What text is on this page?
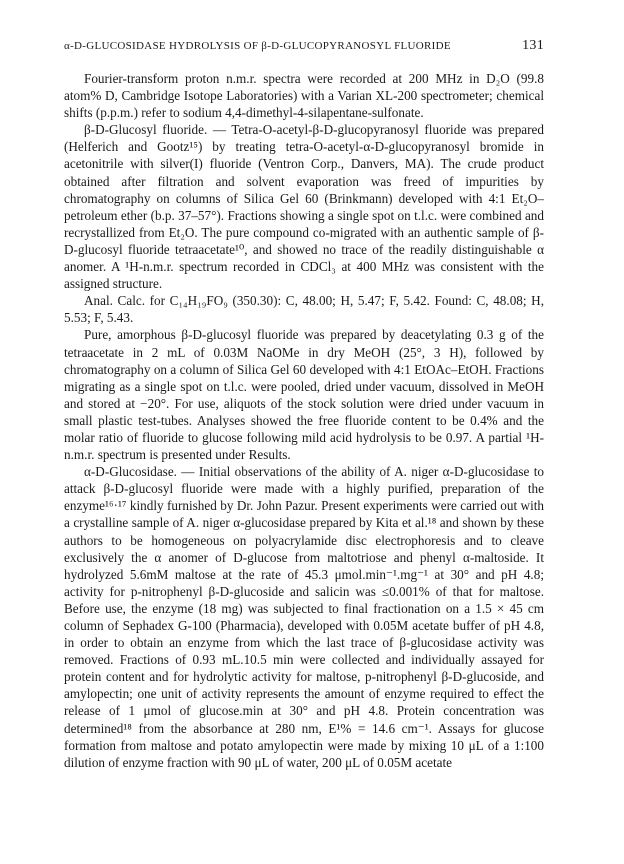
α-D-GLUCOSIDASE HYDROLYSIS OF β-D-GLUCOPYRANOSYL FLUORIDE	131

Fourier-transform proton n.m.r. spectra were recorded at 200 MHz in D₂O (99.8 atom% D, Cambridge Isotope Laboratories) with a Varian XL-200 spectrometer; chemical shifts (p.p.m.) refer to sodium 4,4-dimethyl-4-silapentane-sulfonate.

β-D-Glucosyl fluoride. — Tetra-O-acetyl-β-D-glucopyranosyl fluoride was prepared (Helferich and Gootz¹⁵) by treating tetra-O-acetyl-α-D-glucopyranosyl bromide in acetonitrile with silver(I) fluoride (Ventron Corp., Danvers, MA). The crude product obtained after filtration and solvent evaporation was freed of impurities by chromatography on columns of Silica Gel 60 (Brinkmann) developed with 4:1 Et₂O–petroleum ether (b.p. 37–57°). Fractions showing a single spot on t.l.c. were combined and recrystallized from Et₂O. The pure compound co-migrated with an authentic sample of β-D-glucosyl fluoride tetraacetate¹⁰, and showed no trace of the readily distinguishable α anomer. A ¹H-n.m.r. spectrum recorded in CDCl₃ at 400 MHz was consistent with the assigned structure.

Anal. Calc. for C₁₄H₁₉FO₉ (350.30): C, 48.00; H, 5.47; F, 5.42. Found: C, 48.08; H, 5.53; F, 5.43.

Pure, amorphous β-D-glucosyl fluoride was prepared by deacetylating 0.3 g of the tetraacetate in 2 mL of 0.03M NaOMe in dry MeOH (25°, 3 H), followed by chromatography on a column of Silica Gel 60 developed with 4:1 EtOAc–EtOH. Fractions migrating as a single spot on t.l.c. were pooled, dried under vacuum, dissolved in MeOH and stored at −20°. For use, aliquots of the stock solution were dried under vacuum in small plastic test-tubes. Analyses showed the free fluoride content to be 0.4% and the molar ratio of fluoride to glucose following mild acid hydrolysis to be 0.97. A partial ¹H-n.m.r. spectrum is presented under Results.

α-D-Glucosidase. — Initial observations of the ability of A. niger α-D-glucosidase to attack β-D-glucosyl fluoride were made with a highly purified, preparation of the enzyme¹⁶·¹⁷ kindly furnished by Dr. John Pazur. Present experiments were carried out with a crystalline sample of A. niger α-glucosidase prepared by Kita et al.¹⁸ and shown by these authors to be homogeneous on polyacrylamide disc electrophoresis and to cleave exclusively the α anomer of D-glucose from maltotriose and phenyl α-maltoside. It hydrolyzed 5.6mM maltose at the rate of 45.3 μmol.min⁻¹.mg⁻¹ at 30° and pH 4.8; activity for p-nitrophenyl β-D-glucoside and salicin was ≤0.001% of that for maltose. Before use, the enzyme (18 mg) was subjected to final fractionation on a 1.5 × 45 cm column of Sephadex G-100 (Pharmacia), developed with 0.05M acetate buffer of pH 4.8, in order to obtain an enzyme from which the last trace of β-glucosidase activity was removed. Fractions of 0.93 mL.10.5 min were collected and individually assayed for protein content and for hydrolytic activity for maltose, p-nitrophenyl β-D-glucoside, and amylopectin; one unit of activity represents the amount of enzyme required to effect the release of 1 μmol of glucose.min at 30° and pH 4.8. Protein concentration was determined¹⁸ from the absorbance at 280 nm, E¹% = 14.6 cm⁻¹. Assays for glucose formation from maltose and potato amylopectin were made by mixing 10 μL of a 1:100 dilution of enzyme fraction with 90 μL of water, 200 μL of 0.05M acetate
